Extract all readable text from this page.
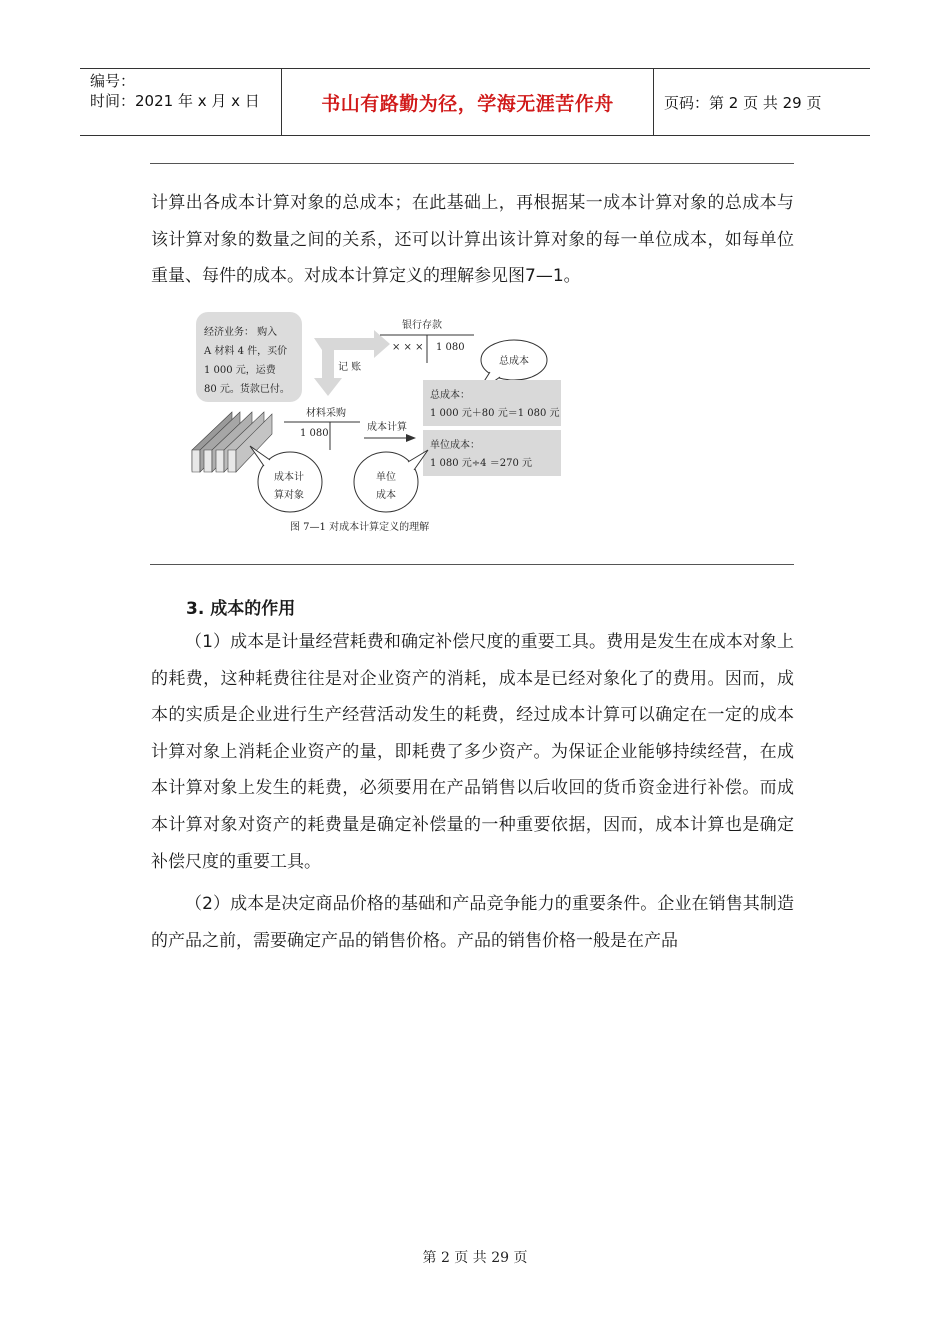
编号：
时间：2021 年 x 月 x 日	书山有路勤为径，学海无涯苦作舟	页码：第 2 页 共 29 页
计算出各成本计算对象的总成本；在此基础上，再根据某一成本计算对象的总成本与该计算对象的数量之间的关系，还可以计算出该计算对象的每一单位成本，如每单位重量、每件的成本。对成本计算定义的理解参见图7—1。
经济业务： 购入
A 材料 4 件，买价
1 000 元，运费
80 元。货款已付。
记 账
银行存款
× × × 1 080
总成本
总成本：
1 000 元＋80 元＝1 080 元
材料采购
1 080
成本计算
单位成本：
1 080 元÷4 ＝270 元
成本计
算对象
单位
成本
图 7—1 对成本计算定义的理解
3. 成本的作用
（1）成本是计量经营耗费和确定补偿尺度的重要工具。费用是发生在成本对象上的耗费，这种耗费往往是对企业资产的消耗，成本是已经对象化了的费用。因而，成本的实质是企业进行生产经营活动发生的耗费，经过成本计算可以确定在一定的成本计算对象上消耗企业资产的量，即耗费了多少资产。为保证企业能够持续经营，在成本计算对象上发生的耗费，必须要用在产品销售以后收回的货币资金进行补偿。而成本计算对象对资产的耗费量是确定补偿量的一种重要依据，因而，成本计算也是确定补偿尺度的重要工具。
（2）成本是决定商品价格的基础和产品竞争能力的重要条件。企业在销售其制造的产品之前，需要确定产品的销售价格。产品的销售价格一般是在产品
第 2 页 共 29 页
